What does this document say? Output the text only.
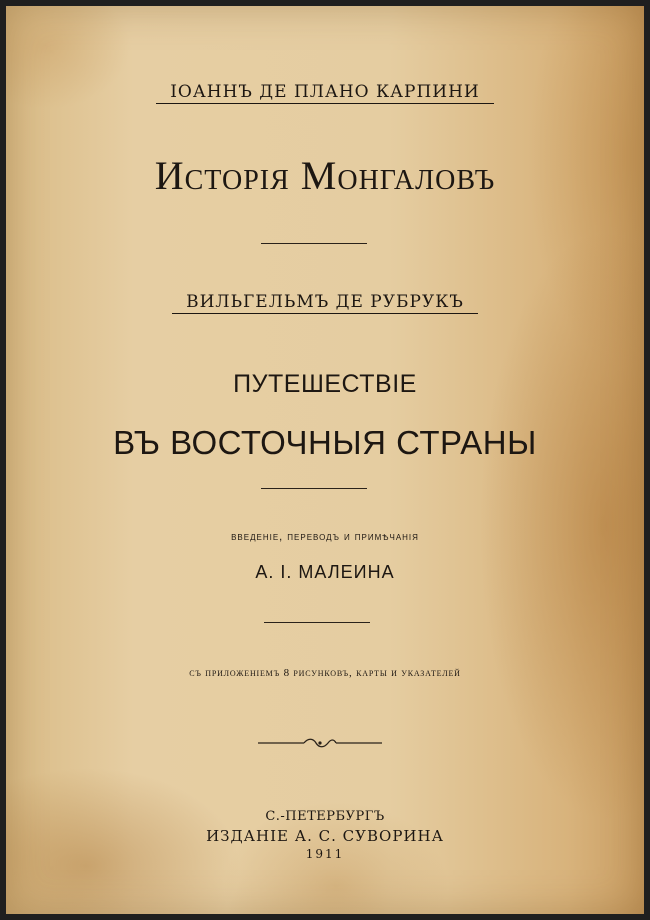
ІОАННЪ ДЕ ПЛАНО КАРПИНИ
Исторія Монгаловъ
ВИЛЬГЕЛЬМЪ ДЕ РУБРУКЪ
ПУТЕШЕСТВІЕ
ВЪ ВОСТОЧНЫЯ СТРАНЫ
введеніе, переводъ и примѣчанія
А. І. МАЛЕИНА
съ приложеніемъ 8 рисунковъ, карты и указателей
С.-ПЕТЕРБУРГЪ
ИЗДАНІЕ А. С. СУВОРИНА
1911
